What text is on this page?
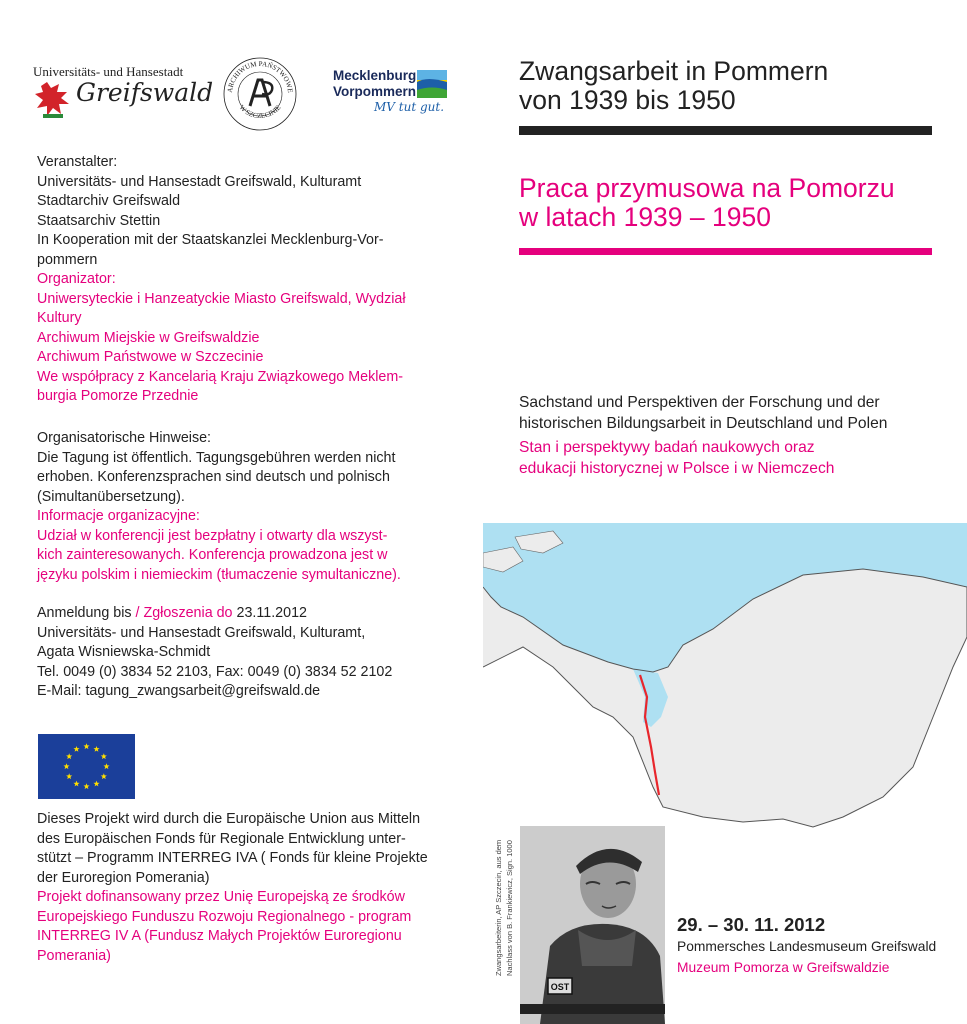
Universitäts- und Hansestadt
Greifswald ARCHIWUM PAŃSTWOWE
W SZCZECINIE
Mecklenburg
Vorpommern
MV tut gut.
Zwangsarbeit in Pommern
von 1939 bis 1950
Praca przymusowa na Pomorzu
w latach 1939 – 1950
Sachstand und Perspektiven der Forschung und der
historischen Bildungsarbeit in Deutschland und Polen
Stan i perspektywy badań naukowych oraz
edukacji historycznej w Polsce i w Niemczech
Veranstalter:
Universitäts- und Hansestadt Greifswald, Kulturamt
Stadtarchiv Greifswald
Staatsarchiv Stettin
In Kooperation mit der Staatskanzlei Mecklenburg-Vor-
pommern
Organizator:
Uniwersyteckie i Hanzeatyckie Miasto Greifswald, Wydział
Kultury
Archiwum Miejskie w Greifswaldzie
Archiwum Państwowe w Szczecinie
We współpracy z Kancelarią Kraju Związkowego Meklem-
burgia Pomorze Przednie
Organisatorische Hinweise:
Die Tagung ist öffentlich. Tagungsgebühren werden nicht
erhoben. Konferenzsprachen sind deutsch und polnisch
(Simultanübersetzung).
Informacje organizacyjne:
Udział w konferencji jest bezpłatny i otwarty dla wszyst-
kich zainteresowanych. Konferencja prowadzona jest w
języku polskim i niemieckim (tłumaczenie symultaniczne).
Anmeldung bis / Zgłoszenia do 23.11.2012
Universitäts- und Hansestadt Greifswald, Kulturamt,
Agata Wisniewska-Schmidt
Tel. 0049 (0) 3834 52 2103, Fax: 0049 (0) 3834 52 2102
E-Mail: tagung_zwangsarbeit@greifswald.de
Dieses Projekt wird durch die Europäische Union aus Mitteln
des Europäischen Fonds für Regionale Entwicklung unter-
stützt – Programm INTERREG IVA ( Fonds für kleine Projekte
der Euroregion Pomerania)
Projekt dofinansowany przez Unię Europejską ze środków
Europejskiego Funduszu Rozwoju Regionalnego - program
INTERREG IV A (Fundusz Małych Projektów Euroregionu
Pomerania)	Zwangsarbeiterin, AP Szczecin, aus dem Nachlass von B. Frankiewicz, Sign. 1000
OST
29. – 30. 11. 2012
Pommersches Landesmuseum Greifswald
Muzeum Pomorza w Greifswaldzie
